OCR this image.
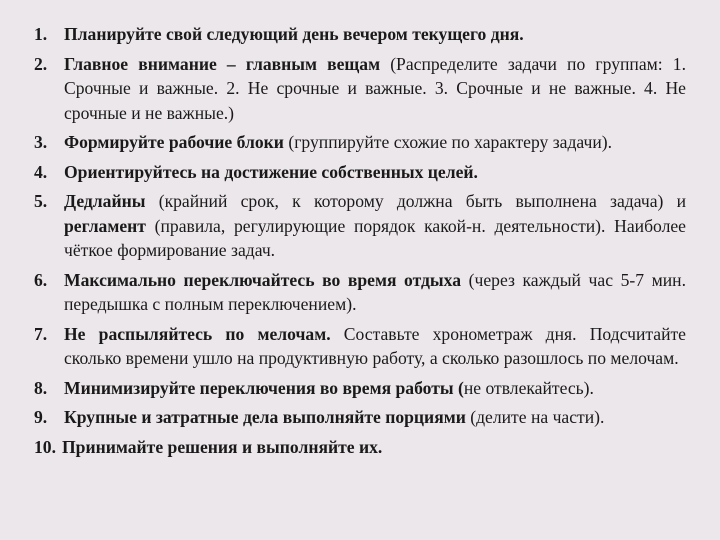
1. Планируйте свой следующий день вечером текущего дня.
2. Главное внимание – главным вещам (Распределите задачи по группам: 1. Срочные и важные. 2. Не срочные и важные. 3. Срочные и не важные. 4. Не срочные и не важные.)
3. Формируйте рабочие блоки (группируйте схожие по характеру задачи).
4. Ориентируйтесь на достижение собственных целей.
5. Дедлайны (крайний срок, к которому должна быть выполнена задача) и регламент (правила, регулирующие порядок какой-н. деятельности). Наиболее чёткое формирование задач.
6. Максимально переключайтесь во время отдыха (через каждый час 5-7 мин. передышка с полным переключением).
7. Не распыляйтесь по мелочам. Составьте хронометраж дня. Подсчитайте сколько времени ушло на продуктивную работу, а сколько разошлось по мелочам.
8. Минимизируйте переключения во время работы (не отвлекайтесь).
9. Крупные и затратные дела выполняйте порциями (делите на части).
10. Принимайте решения и выполняйте их.
